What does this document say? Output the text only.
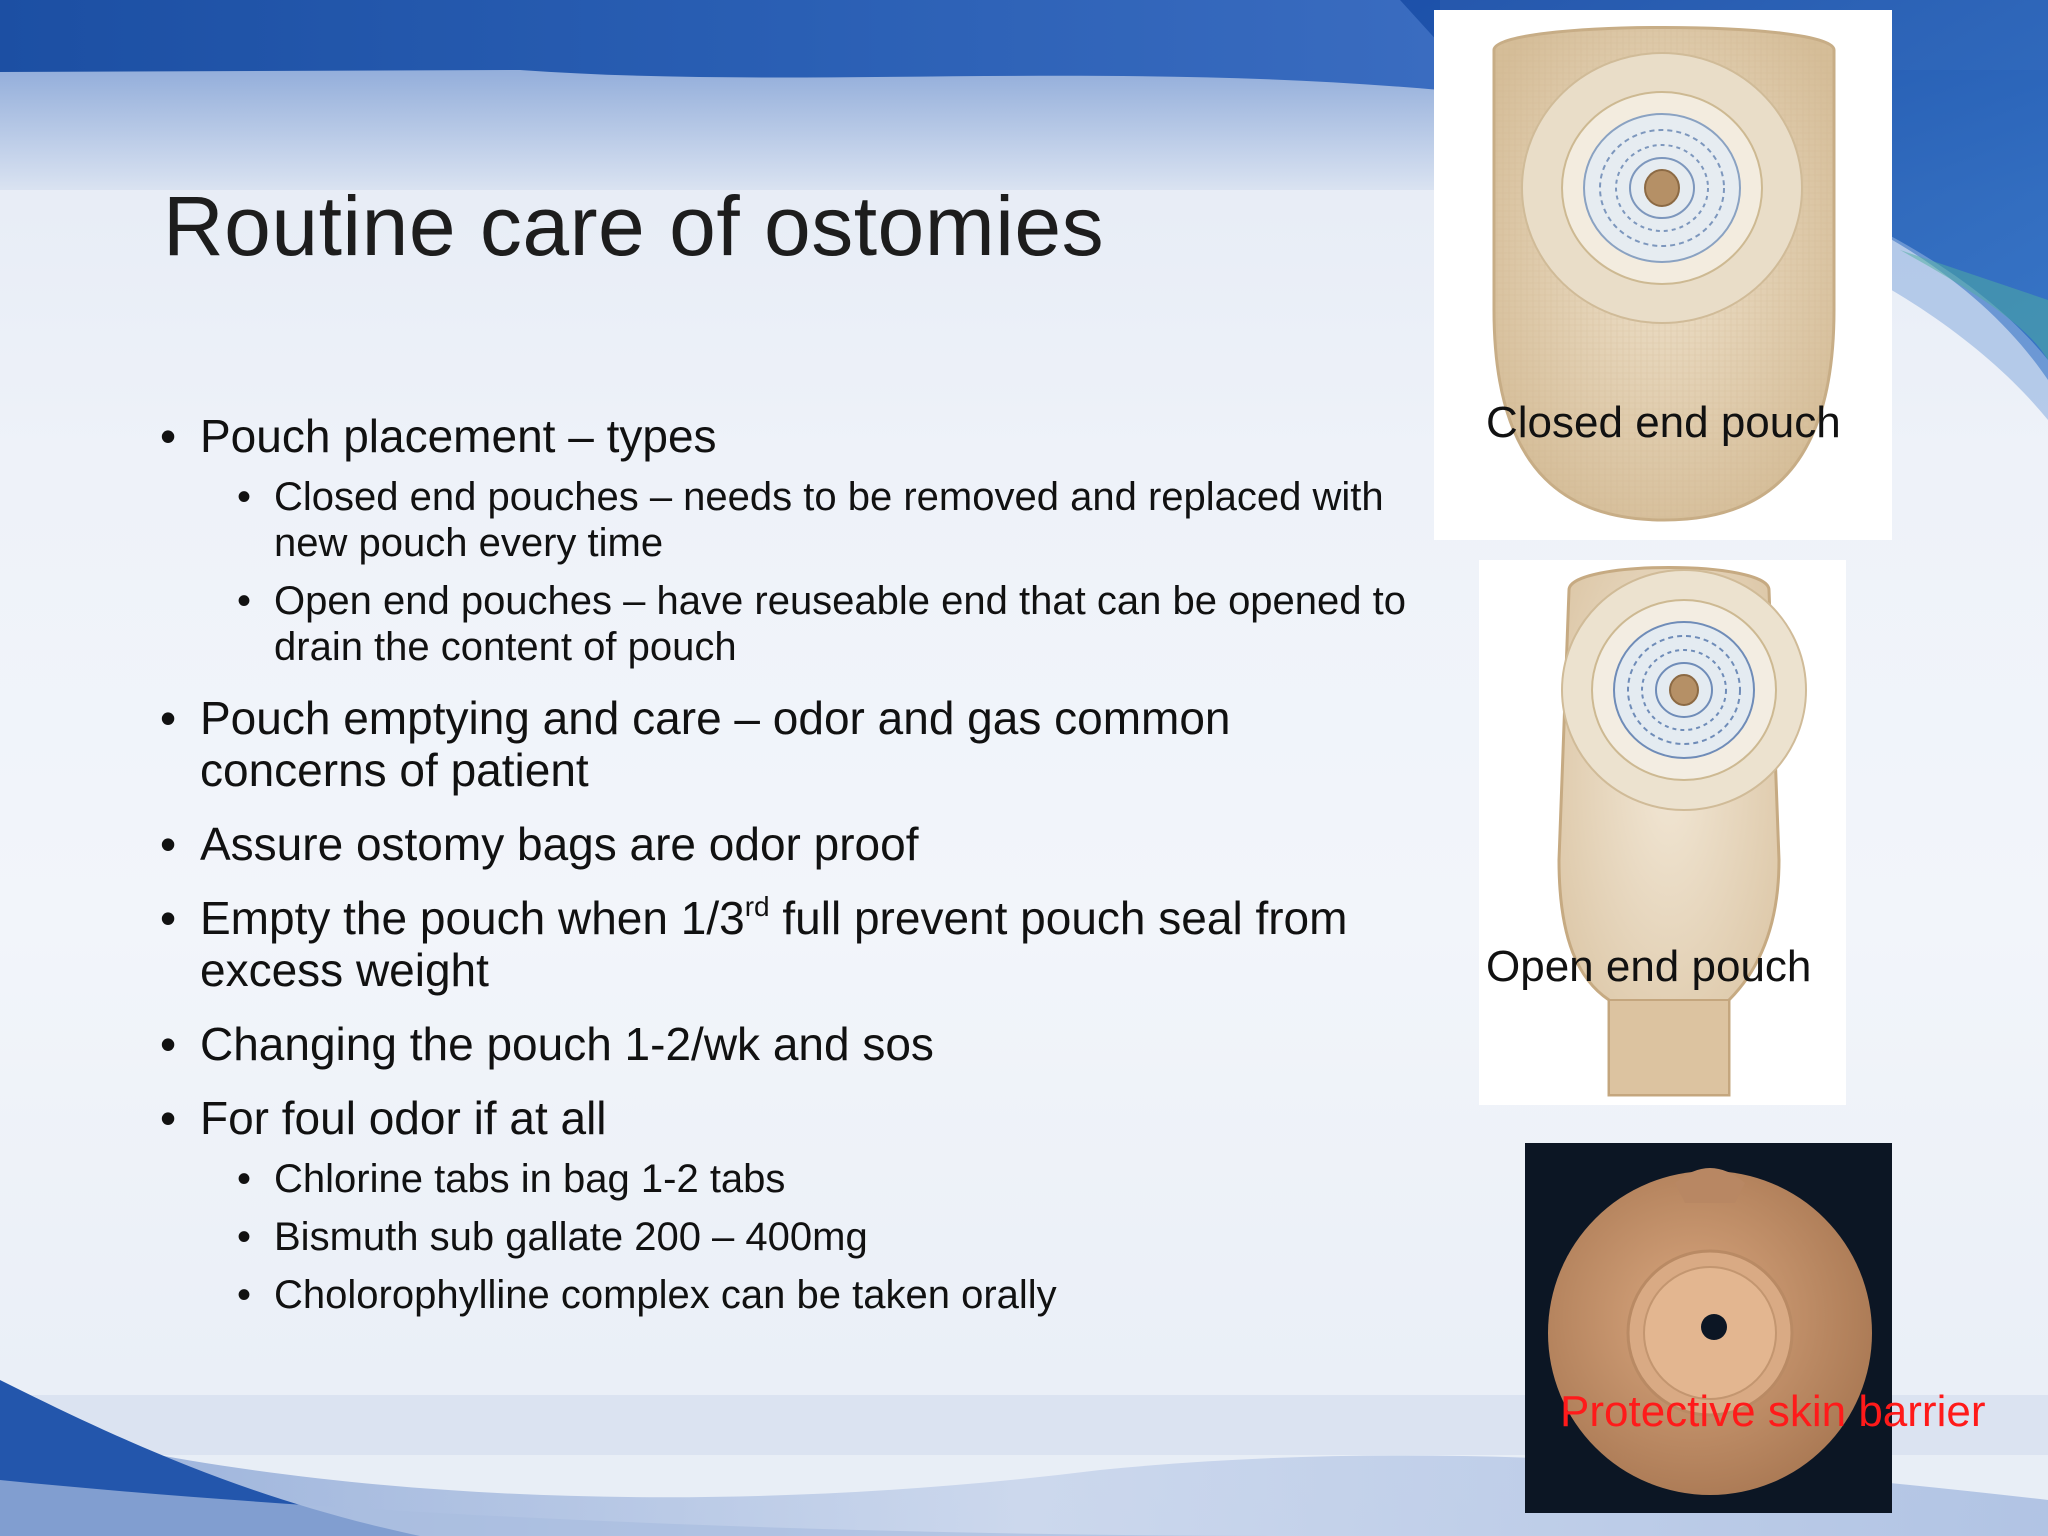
Routine care of ostomies
• Pouch placement – types
• Closed end pouches – needs to be removed and replaced with new pouch every time
• Open end pouches – have reuseable end that can be opened to drain the content of pouch
• Pouch emptying and care – odor and gas common concerns of patient
• Assure ostomy bags are odor proof
• Empty the pouch when 1/3rd full prevent pouch seal from excess weight
• Changing the pouch 1-2/wk and sos
• For foul odor if at all
• Chlorine tabs in bag 1-2 tabs
• Bismuth sub gallate 200 – 400mg
• Cholorophylline complex can be taken orally
Closed end pouch
Open end pouch
Protective skin barrier
